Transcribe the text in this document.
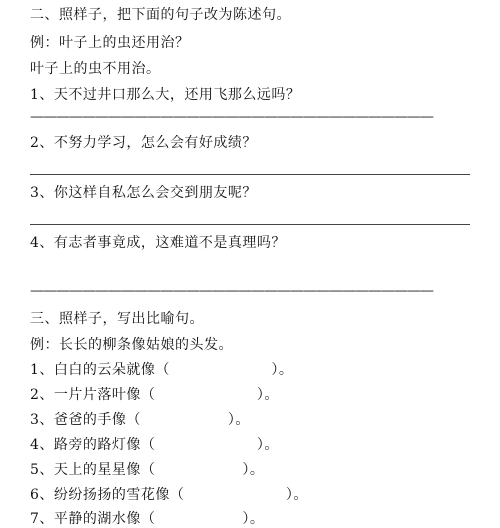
二、照样子，把下面的句子改为陈述句。
例：叶子上的虫还用治？
叶子上的虫不用治。
1、天不过井口那么大，还用飞那么远吗？
———————————————————————————————
2、不努力学习，怎么会有好成绩？
3、你这样自私怎么会交到朋友呢？
4、有志者事竟成，这难道不是真理吗？
———————————————————————————————
三、照样子，写出比喻句。
例：长长的柳条像姑娘的头发。
1、白白的云朵就像（　　　　　　　）。
2、一片片落叶像（　　　　　　　）。
3、爸爸的手像（　　　　　　）。
4、路旁的路灯像（　　　　　　　）。
5、天上的星星像（　　　　　　）。
6、纷纷扬扬的雪花像（　　　　　　　）。
7、平静的湖水像（　　　　　　）。
